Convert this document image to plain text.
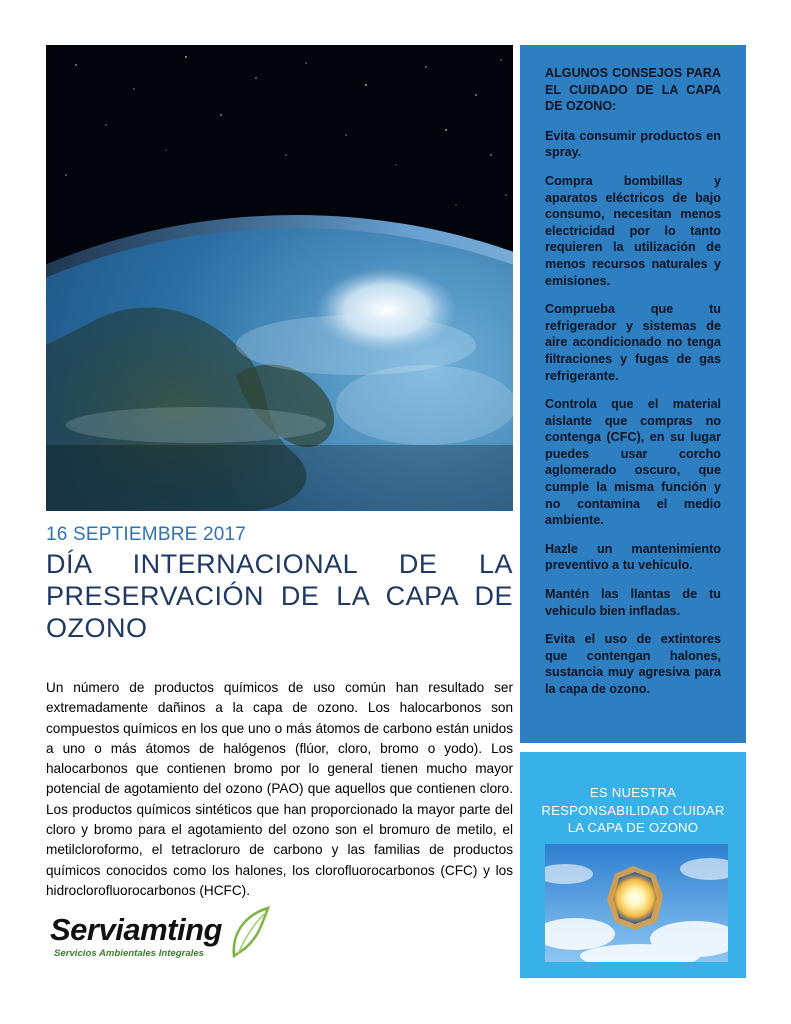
16 SEPTIEMBRE 2017
DÍA INTERNACIONAL DE LA PRESERVACIÓN DE LA CAPA DE OZONO

Un número de productos químicos de uso común han resultado ser extremadamente dañinos a la capa de ozono. Los halocarbonos son compuestos químicos en los que uno o más átomos de carbono están unidos a uno o más átomos de halógenos (flúor, cloro, bromo o yodo). Los halocarbonos que contienen bromo por lo general tienen mucho mayor potencial de agotamiento del ozono (PAO) que aquellos que contienen cloro. Los productos químicos sintéticos que han proporcionado la mayor parte del cloro y bromo para el agotamiento del ozono son el bromuro de metilo, el metilcloroformo, el tetracloruro de carbono y las familias de productos químicos conocidos como los halones, los clorofluorocarbonos (CFC) y los hidroclorofluorocarbonos (HCFC).

Serviamting
Servicios Ambientales Integrales

ALGUNOS CONSEJOS PARA EL CUIDADO DE LA CAPA DE OZONO:

Evita consumir productos en spray.

Compra bombillas y aparatos eléctricos de bajo consumo, necesitan menos electricidad por lo tanto requieren la utilización de menos recursos naturales y emisiones.

Comprueba que tu refrigerador y sistemas de aire acondicionado no tenga filtraciones y fugas de gas refrigerante.

Controla que el material aislante que compras no contenga (CFC), en su lugar puedes usar corcho aglomerado oscuro, que cumple la misma función y no contamina el medio ambiente.

Hazle un mantenimiento preventivo a tu vehiculo.

Mantén las llantas de tu vehiculo bien infladas.

Evita el uso de extintores que contengan halones, sustancia muy agresiva para la capa de ozono.

ES NUESTRA RESPONSABILIDAD CUIDAR LA CAPA DE OZONO
